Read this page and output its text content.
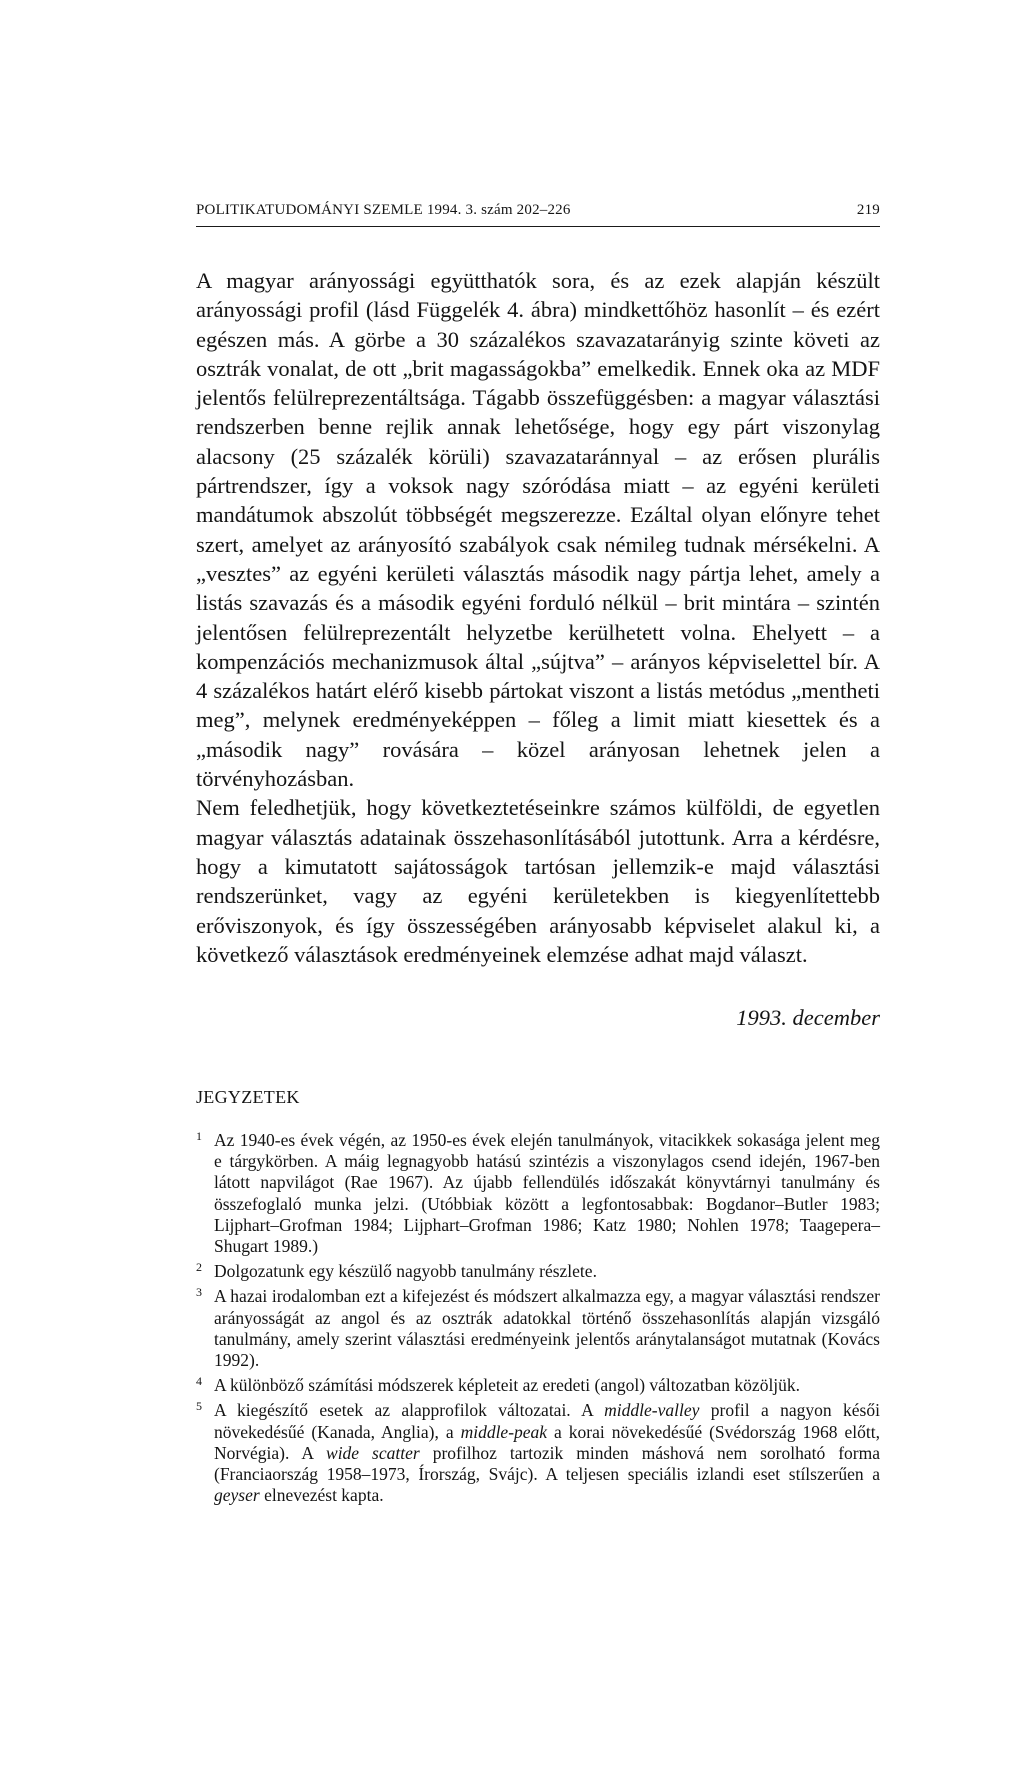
POLITIKATUDOMÁNYI SZEMLE 1994. 3. szám 202–226	219

A magyar arányossági együtthatók sora, és az ezek alapján készült arányossági profil (lásd Függelék 4. ábra) mindkettőhöz hasonlít – és ezért egészen más. A görbe a 30 százalékos szavazatarányig szinte követi az osztrák vonalat, de ott „brit magasságokba” emelkedik. Ennek oka az MDF jelentős felülreprezentáltsága. Tágabb összefüggésben: a magyar választási rendszerben benne rejlik annak lehetősége, hogy egy párt viszonylag alacsony (25 százalék körüli) szavazataránnyal – az erősen plurális pártrendszer, így a voksok nagy szóródása miatt – az egyéni kerületi mandátumok abszolút többségét megszerezze. Ezáltal olyan előnyre tehet szert, amelyet az arányosító szabályok csak némileg tudnak mérsékelni. A „vesztes” az egyéni kerületi választás második nagy pártja lehet, amely a listás szavazás és a második egyéni forduló nélkül – brit mintára – szintén jelentősen felülreprezentált helyzetbe kerülhetett volna. Ehelyett – a kompenzációs mechanizmusok által „sújtva” – arányos képviselettel bír. A 4 százalékos határt elérő kisebb pártokat viszont a listás metódus „mentheti meg”, melynek eredményeképpen – főleg a limit miatt kiesettek és a „második nagy” rovására – közel arányosan lehetnek jelen a törvényhozásban.

Nem feledhetjük, hogy következtetéseinkre számos külföldi, de egyetlen magyar választás adatainak összehasonlításából jutottunk. Arra a kérdésre, hogy a kimutatott sajátosságok tartósan jellemzik-e majd választási rendszerünket, vagy az egyéni kerületekben is kiegyenlítettebb erőviszonyok, és így összességében arányosabb képviselet alakul ki, a következő választások eredményeinek elemzése adhat majd választ.

1993. december
JEGYZETEK
1 Az 1940-es évek végén, az 1950-es évek elején tanulmányok, vitacikkek sokasága jelent meg e tárgykörben. A máig legnagyobb hatású szintézis a viszonylagos csend idején, 1967-ben látott napvilágot (Rae 1967). Az újabb fellendülés időszakát könyvtárnyi tanulmány és összefoglaló munka jelzi. (Utóbbiak között a legfontosabbak: Bogdanor–Butler 1983; Lijphart–Grofman 1984; Lijphart–Grofman 1986; Katz 1980; Nohlen 1978; Taagepera–Shugart 1989.)
2 Dolgozatunk egy készülő nagyobb tanulmány részlete.
3 A hazai irodalomban ezt a kifejezést és módszert alkalmazza egy, a magyar választási rendszer arányosságát az angol és az osztrák adatokkal történő összehasonlítás alapján vizsgáló tanulmány, amely szerint választási eredményeink jelentős aránytalanságot mutatnak (Kovács 1992).
4 A különböző számítási módszerek képleteit az eredeti (angol) változatban közöljük.
5 A kiegészítő esetek az alapprofilok változatai. A middle-valley profil a nagyon késői növekedésűé (Kanada, Anglia), a middle-peak a korai növekedésűé (Svédország 1968 előtt, Norvégia). A wide scatter profilhoz tartozik minden máshová nem sorolható forma (Franciaország 1958–1973, Írország, Svájc). A teljesen speciális izlandi eset stílszerűen a geyser elnevezést kapta.
